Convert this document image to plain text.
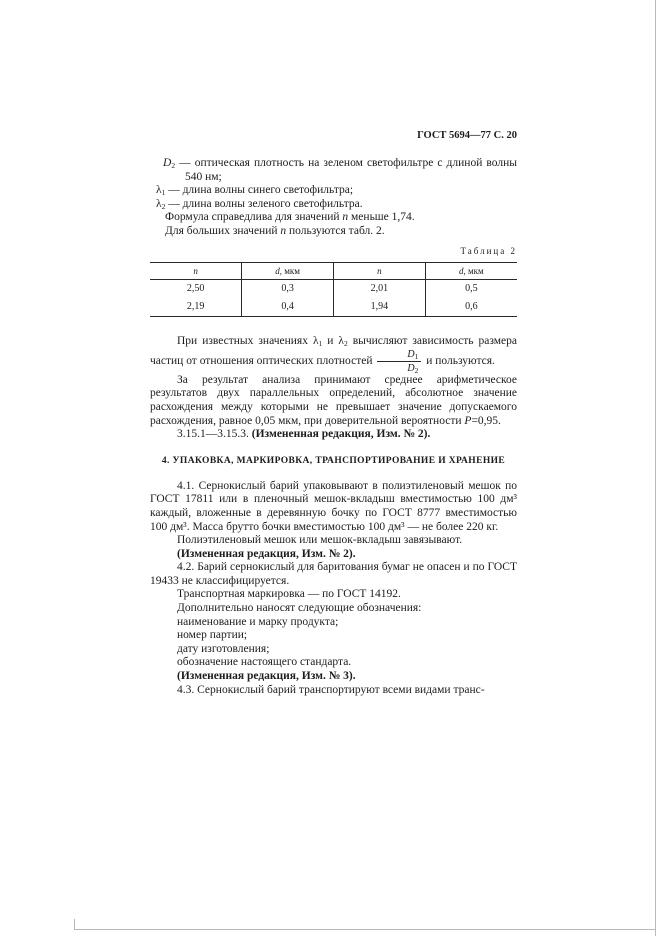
ГОСТ 5694—77 С. 20
$D_2$ — оптическая плотность на зеленом светофильтре с длиной волны 540 нм;
$\lambda_1$ — длина волны синего светофильтра;
$\lambda_2$ — длина волны зеленого светофильтра.
Формула справедлива для значений n меньше 1,74.
Для больших значений n пользуются табл. 2.
Таблица 2
n	d, мкм	n	d, мкм
2,50	0,3	2,01	0,5
2,19	0,4	1,94	0,6

При известных значениях $\lambda_1$ и $\lambda_2$ вычисляют зависимость размера частиц от отношения оптических плотностей $\frac{D_1}{D_2}$ и пользуются.

За результат анализа принимают среднее арифметическое результатов двух параллельных определений, абсолютное значение расхождения между которыми не превышает значение допускаемого расхождения, равное 0,05 мкм, при доверительной вероятности Р=0,95.

3.15.1—3.15.3. (Измененная редакция, Изм. № 2).

4. УПАКОВКА, МАРКИРОВКА, ТРАНСПОРТИРОВАНИЕ И ХРАНЕНИЕ

4.1. Сернокислый барий упаковывают в полиэтиленовый мешок по ГОСТ 17811 или в пленочный мешок-вкладыш вместимостью 100 дм³ каждый, вложенные в деревянную бочку по ГОСТ 8777 вместимостью 100 дм³. Масса брутто бочки вместимостью 100 дм³ — не более 220 кг.

Полиэтиленовый мешок или мешок-вкладыш завязывают.

(Измененная редакция, Изм. № 2).

4.2. Барий сернокислый для баритования бумаг не опасен и по ГОСТ 19433 не классифицируется.

Транспортная маркировка — по ГОСТ 14192.

Дополнительно наносят следующие обозначения:

наименование и марку продукта;

номер партии;

дату изготовления;

обозначение настоящего стандарта.

(Измененная редакция, Изм. № 3).

4.3. Сернокислый барий транспортируют всеми видами транс-
